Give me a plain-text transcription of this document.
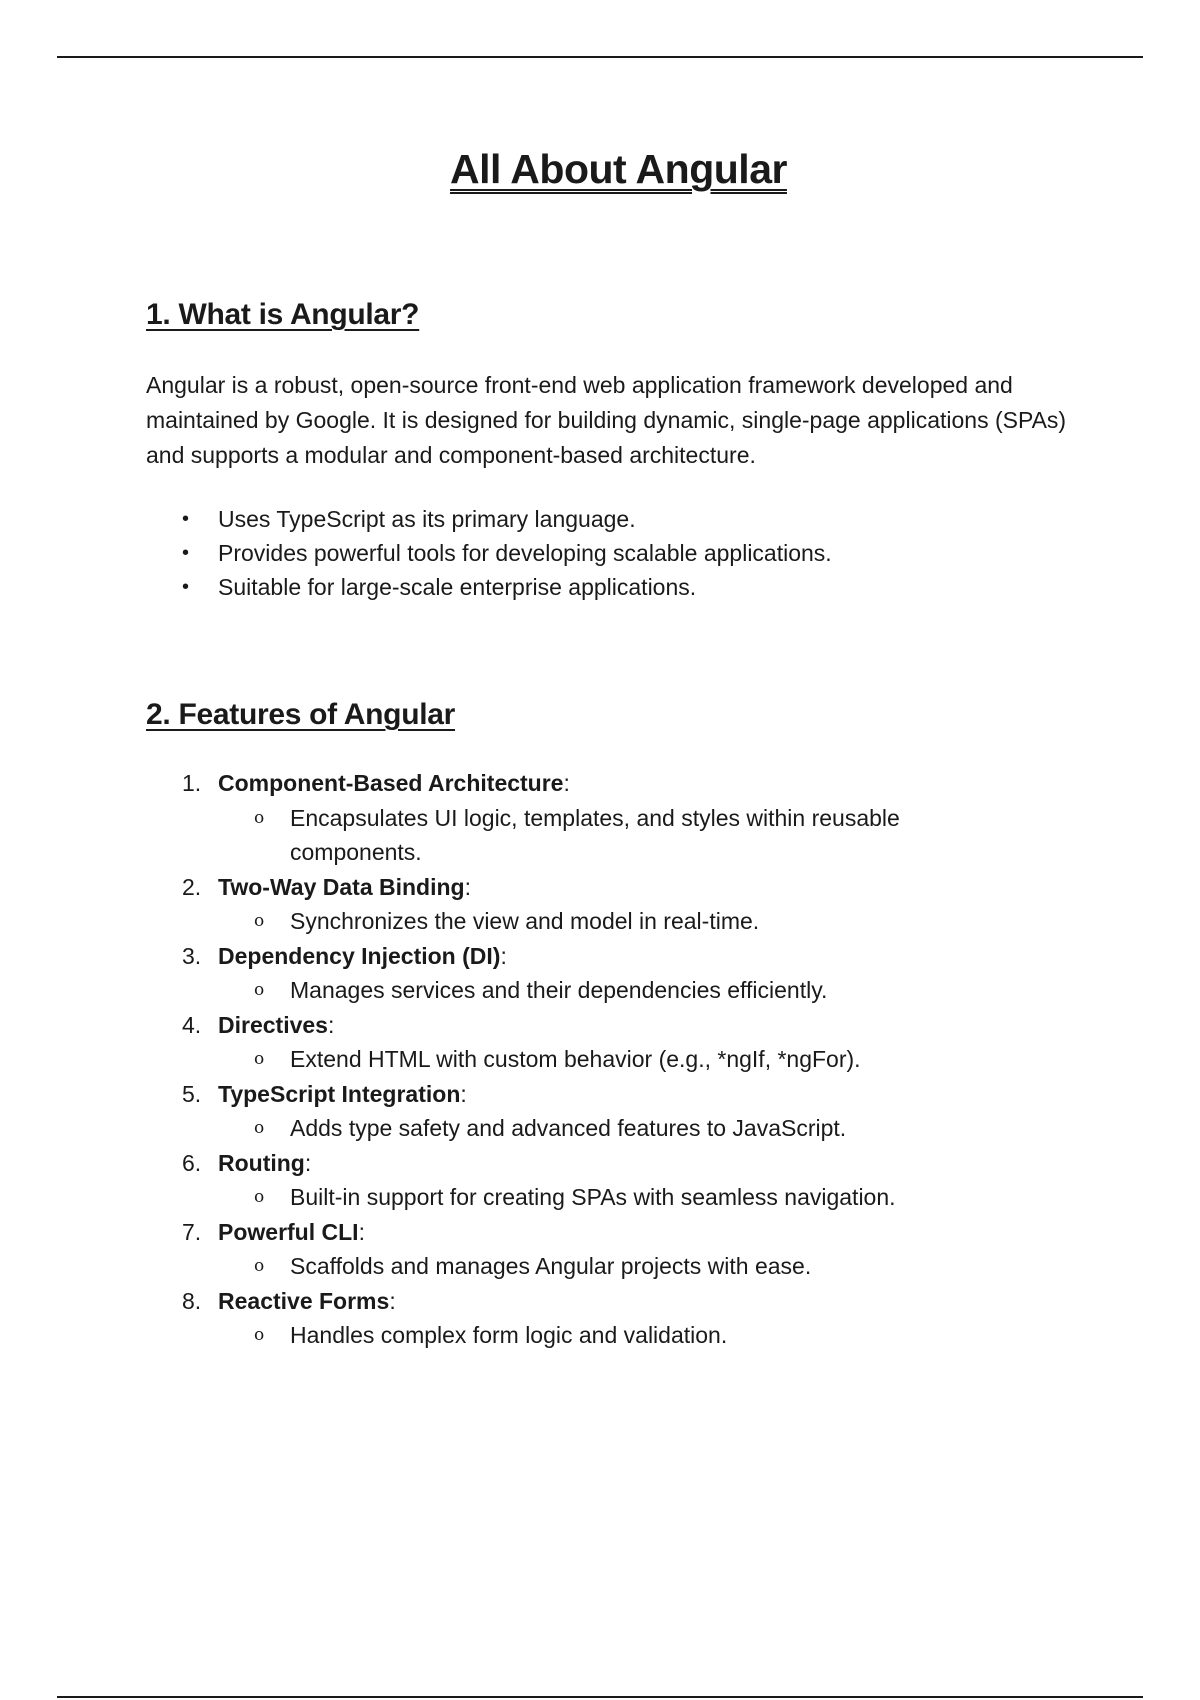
All About Angular
1. What is Angular?

Angular is a robust, open-source front-end web application framework developed and maintained by Google. It is designed for building dynamic, single-page applications (SPAs) and supports a modular and component-based architecture.

• Uses TypeScript as its primary language.
• Provides powerful tools for developing scalable applications.
• Suitable for large-scale enterprise applications.
2. Features of Angular
1. Component-Based Architecture:
o Encapsulates UI logic, templates, and styles within reusable components.
2. Two-Way Data Binding:
o Synchronizes the view and model in real-time.
3. Dependency Injection (DI):
o Manages services and their dependencies efficiently.
4. Directives:
o Extend HTML with custom behavior (e.g., *ngIf, *ngFor).
5. TypeScript Integration:
o Adds type safety and advanced features to JavaScript.
6. Routing:
o Built-in support for creating SPAs with seamless navigation.
7. Powerful CLI:
o Scaffolds and manages Angular projects with ease.
8. Reactive Forms:
o Handles complex form logic and validation.
